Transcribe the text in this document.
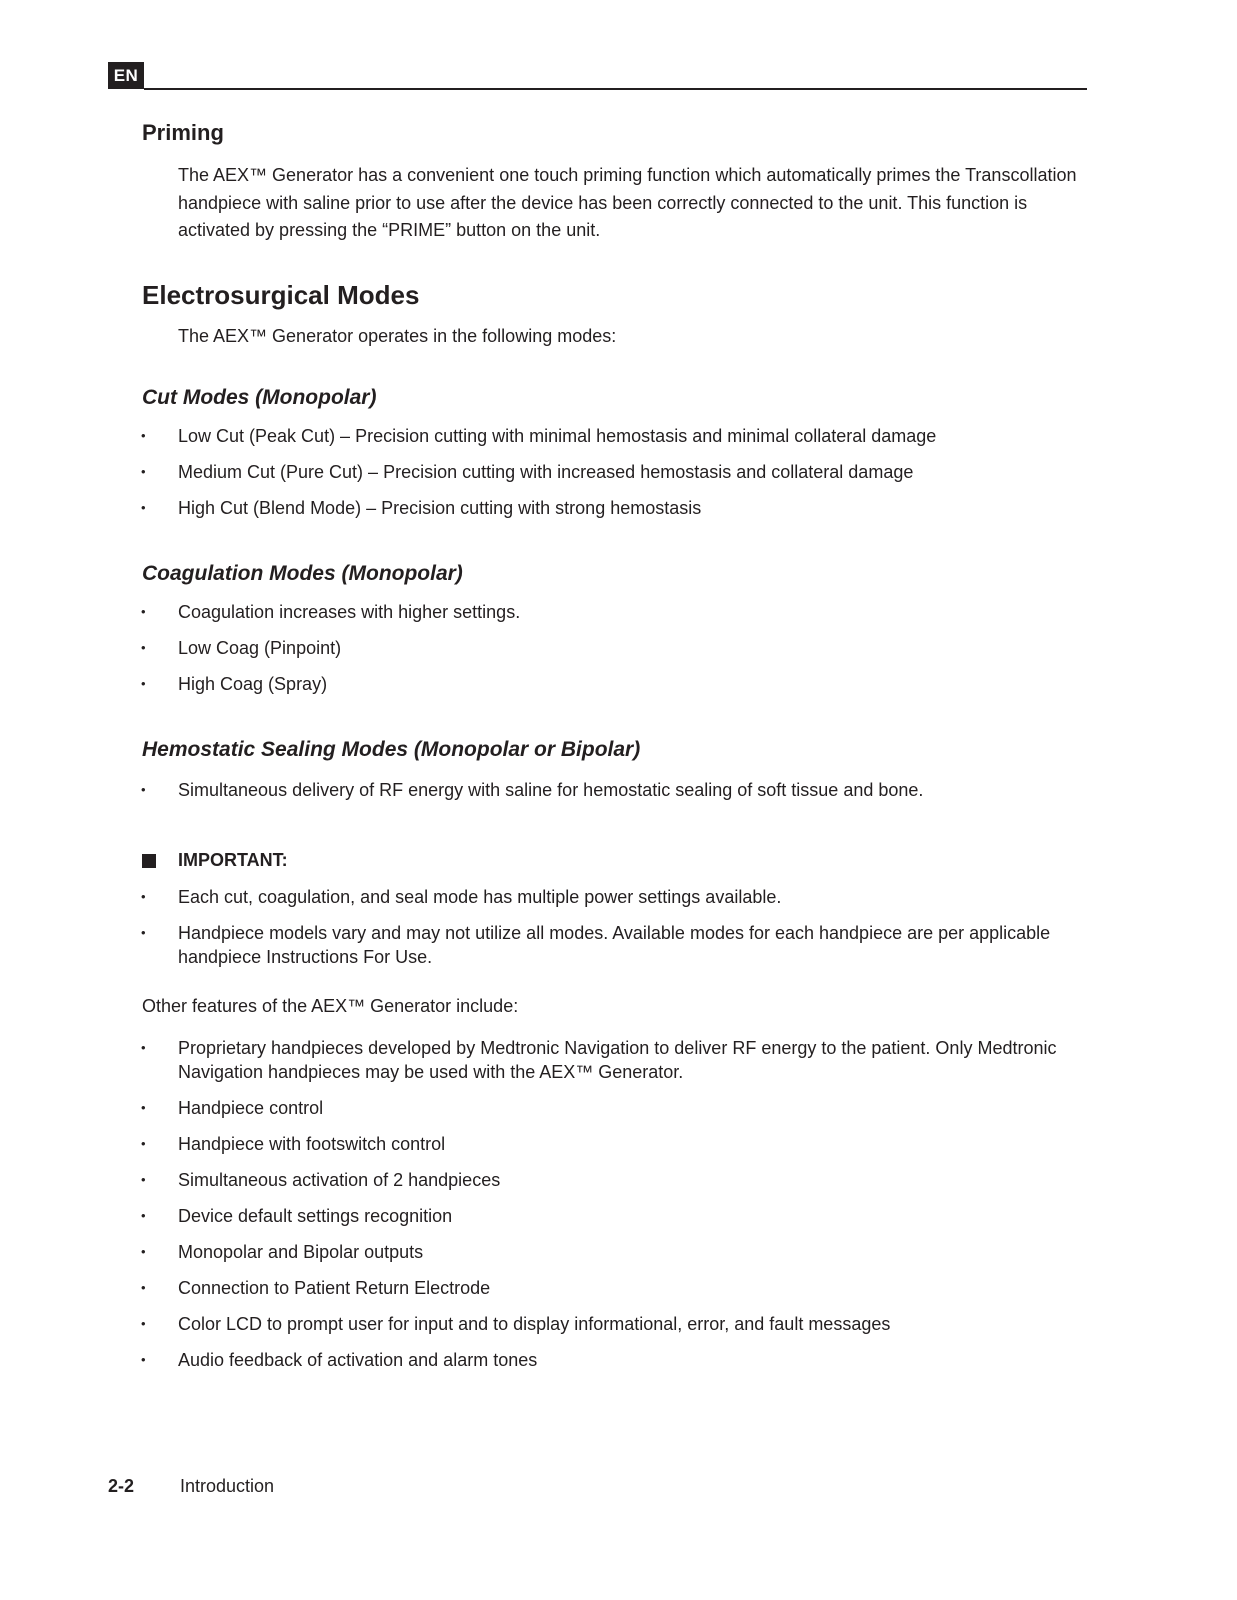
EN
Priming

The AEX™ Generator has a convenient one touch priming function which automatically primes the Transcollation handpiece with saline prior to use after the device has been correctly connected to the unit. This function is activated by pressing the “PRIME” button on the unit.

Electrosurgical Modes

The AEX™ Generator operates in the following modes:

Cut Modes (Monopolar)
• Low Cut (Peak Cut) – Precision cutting with minimal hemostasis and minimal collateral damage
• Medium Cut (Pure Cut) – Precision cutting with increased hemostasis and collateral damage
• High Cut (Blend Mode) – Precision cutting with strong hemostasis
Coagulation Modes (Monopolar)
• Coagulation increases with higher settings.
• Low Coag (Pinpoint)
• High Coag (Spray)
Hemostatic Sealing Modes (Monopolar or Bipolar)
• Simultaneous delivery of RF energy with saline for hemostatic sealing of soft tissue and bone.
IMPORTANT:
• Each cut, coagulation, and seal mode has multiple power settings available.
• Handpiece models vary and may not utilize all modes. Available modes for each handpiece are per applicable handpiece Instructions For Use.

Other features of the AEX™ Generator include:

• Proprietary handpieces developed by Medtronic Navigation to deliver RF energy to the patient. Only Medtronic Navigation handpieces may be used with the AEX™ Generator.
• Handpiece control
• Handpiece with footswitch control
• Simultaneous activation of 2 handpieces
• Device default settings recognition
• Monopolar and Bipolar outputs
• Connection to Patient Return Electrode
• Color LCD to prompt user for input and to display informational, error, and fault messages
• Audio feedback of activation and alarm tones
2-2	Introduction
